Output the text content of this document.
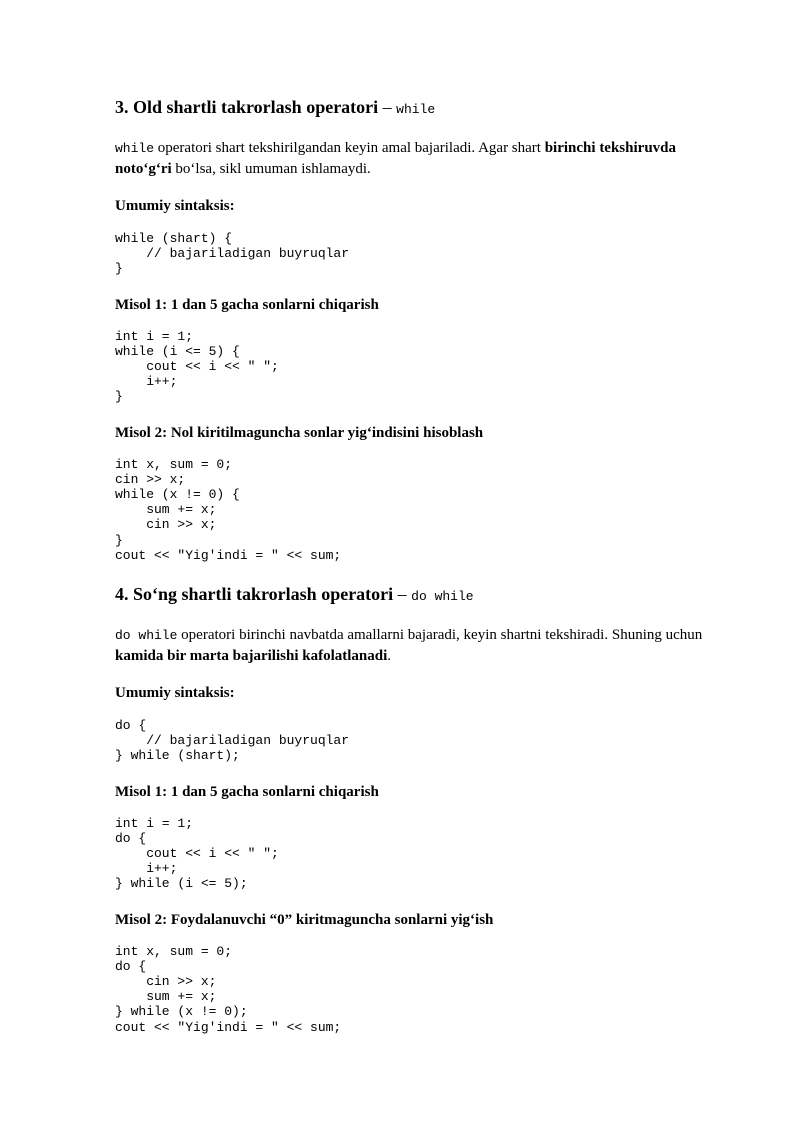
3. Old shartli takrorlash operatori – while

while operatori shart tekshirilgandan keyin amal bajariladi. Agar shart birinchi tekshiruvda noto‘g‘ri bo‘lsa, sikl umuman ishlamaydi.

Umumiy sintaksis:

while (shart) {
// bajariladigan buyruqlar
}

Misol 1: 1 dan 5 gacha sonlarni chiqarish

int i = 1;
while (i <= 5) {
cout << i << " ";
i++;
}

Misol 2: Nol kiritilmaguncha sonlar yig‘indisini hisoblash

int x, sum = 0;
cin >> x;
while (x != 0) {
sum += x;
cin >> x;
}
cout << "Yig'indi = " << sum;
4. So‘ng shartli takrorlash operatori – do while

do while operatori birinchi navbatda amallarni bajaradi, keyin shartni tekshiradi. Shuning uchun kamida bir marta bajarilishi kafolatlanadi.

Umumiy sintaksis:

do {
// bajariladigan buyruqlar
} while (shart);

Misol 1: 1 dan 5 gacha sonlarni chiqarish

int i = 1;
do {
cout << i << " ";
i++;
} while (i <= 5);

Misol 2: Foydalanuvchi “0” kiritmaguncha sonlarni yig‘ish

int x, sum = 0;
do {
cin >> x;
sum += x;
} while (x != 0);
cout << "Yig'indi = " << sum;
